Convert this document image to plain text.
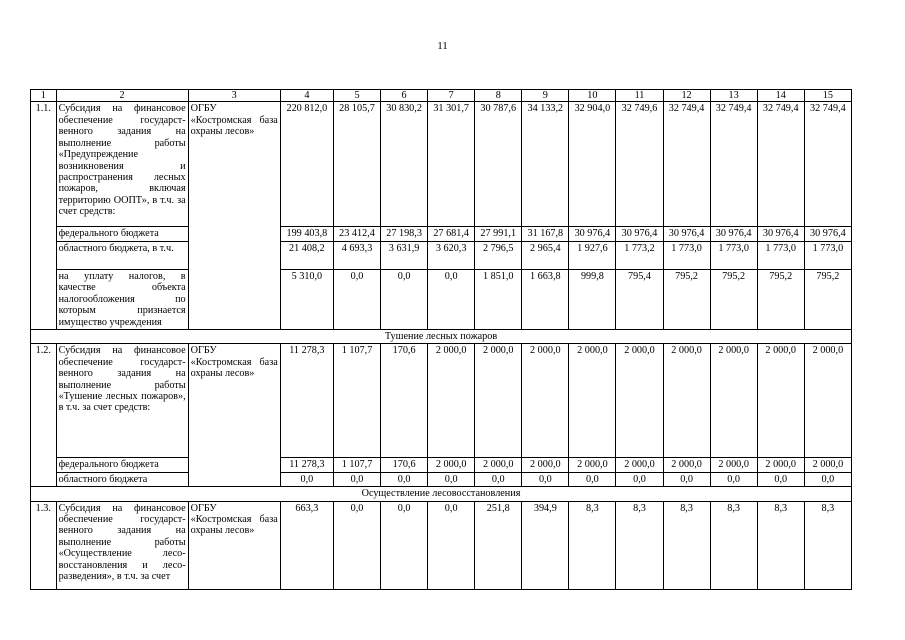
11
1	2	3	4	5	6	7	8	9	10	11	12	13	14	15
1.1.	Субсидия на финансовое обеспечение государст-венного задания на выполнение работы «Предупреждение возникновения и распространения лесных пожаров, включая территорию ООПТ», в т.ч. за счет средств:	ОГБУ «Костромская база охраны лесов»	220 812,0	28 105,7	30 830,2	31 301,7	30 787,6	34 133,2	32 904,0	32 749,6	32 749,4	32 749,4	32 749,4	32 749,4
	федерального бюджета		199 403,8	23 412,4	27 198,3	27 681,4	27 991,1	31 167,8	30 976,4	30 976,4	30 976,4	30 976,4	30 976,4	30 976,4
	областного бюджета, в т.ч.		21 408,2	4 693,3	3 631,9	3 620,3	2 796,5	2 965,4	1 927,6	1 773,2	1 773,0	1 773,0	1 773,0	1 773,0
	на уплату налогов, в качестве объекта налогообложения по которым признается имущество учреждения		5 310,0	0,0	0,0	0,0	1 851,0	1 663,8	999,8	795,4	795,2	795,2	795,2	795,2
Тушение лесных пожаров														
1.2.	Субсидия на финансовое обеспечение государст-венного задания на выполнение работы «Тушение лесных пожаров», в т.ч. за счет средств:	ОГБУ «Костромская база охраны лесов»	11 278,3	1 107,7	170,6	2 000,0	2 000,0	2 000,0	2 000,0	2 000,0	2 000,0	2 000,0	2 000,0	2 000,0
	федерального бюджета		11 278,3	1 107,7	170,6	2 000,0	2 000,0	2 000,0	2 000,0	2 000,0	2 000,0	2 000,0	2 000,0	2 000,0
	областного бюджета		0,0	0,0	0,0	0,0	0,0	0,0	0,0	0,0	0,0	0,0	0,0	0,0
Осуществление лесовосстановления														
1.3.	Субсидия на финансовое обеспечение государст-венного задания на выполнение работы «Осуществление лесо-восстановления и лесо-разведения», в т.ч. за счет	ОГБУ «Костромская база охраны лесов»	663,3	0,0	0,0	0,0	251,8	394,9	8,3	8,3	8,3	8,3	8,3	8,3
